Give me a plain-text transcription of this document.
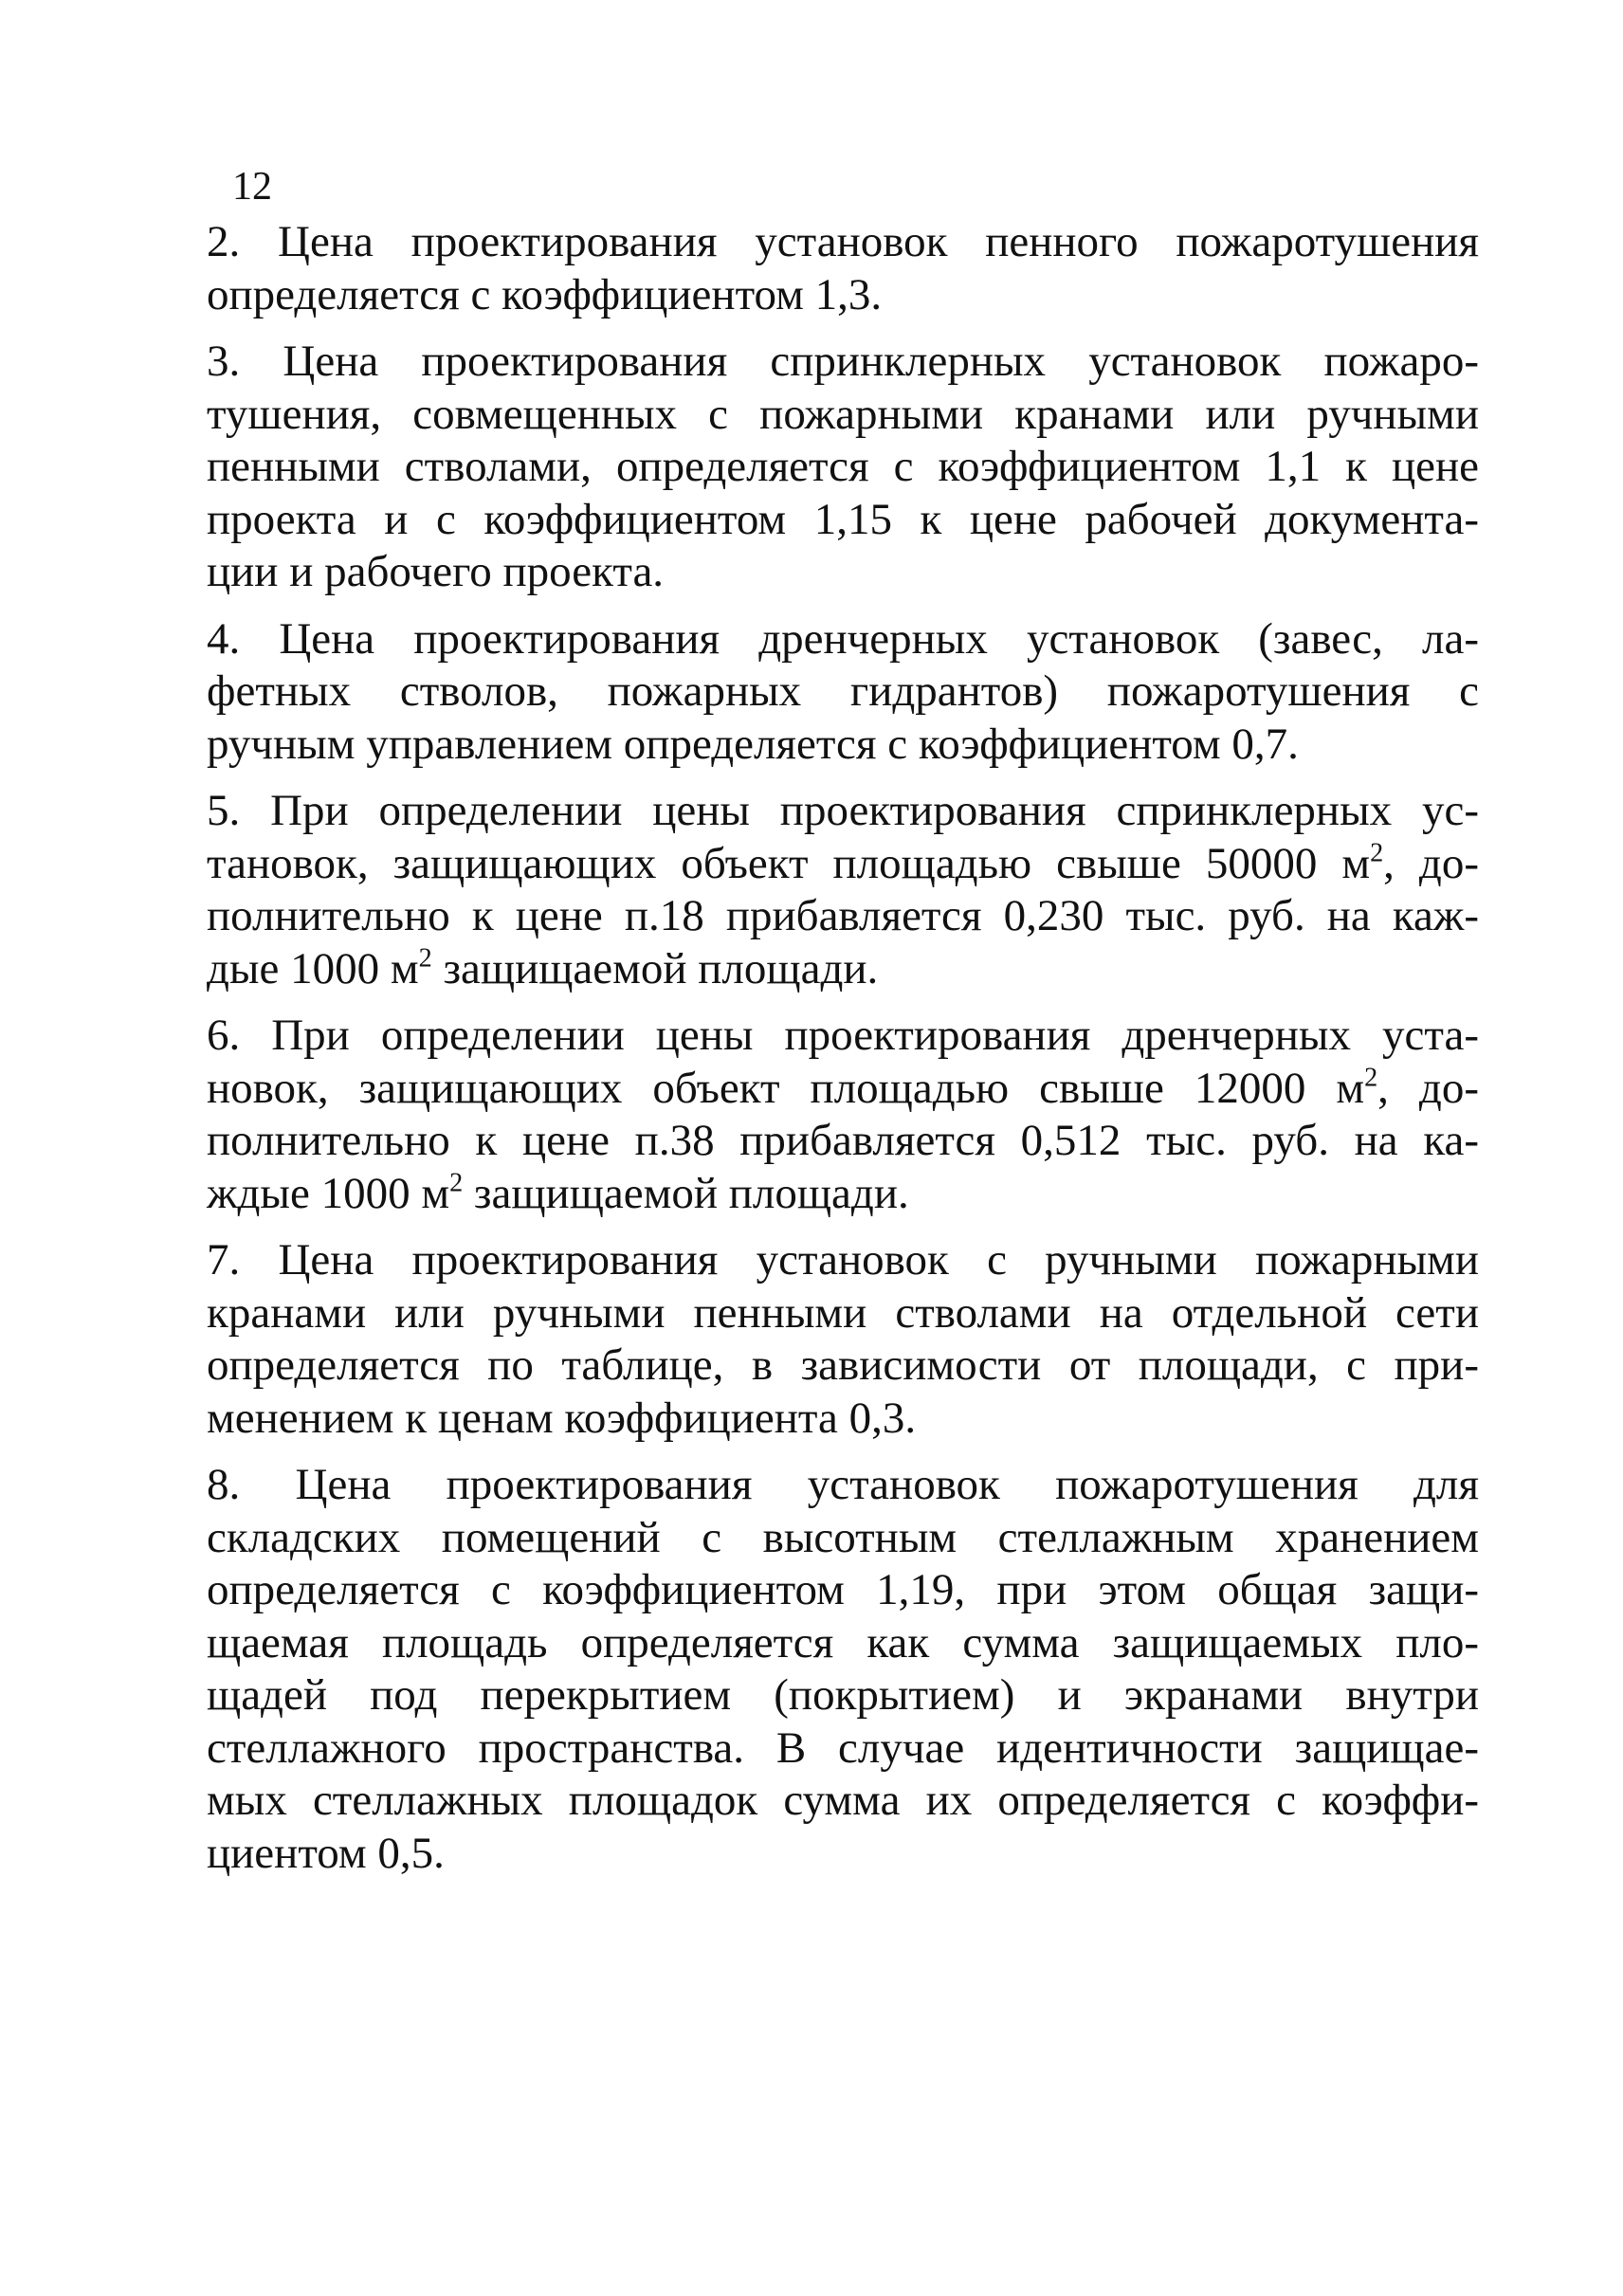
12
2. Цена проектирования установок пенного пожаротушения
определяется с коэффициентом 1,3.
3. Цена проектирования спринклерных установок пожаро-
тушения, совмещенных с пожарными кранами или ручными
пенными стволами, определяется с коэффициентом 1,1 к цене
проекта и с коэффициентом 1,15 к цене рабочей документа-
ции и рабочего проекта.
4. Цена проектирования дренчерных установок (завес, ла-
фетных стволов, пожарных гидрантов) пожаротушения с
ручным управлением определяется с коэффициентом 0,7.
5. При определении цены проектирования спринклерных ус-
тановок, защищающих объект площадью свыше 50000 $м^2$, до-
полнительно к цене п.18 прибавляется 0,230 тыс. руб. на каж-
дые 1000 $м^2$ защищаемой площади.
6. При определении цены проектирования дренчерных уста-
новок, защищающих объект площадью свыше 12000 $м^2$, до-
полнительно к цене п.38 прибавляется 0,512 тыс. руб. на ка-
ждые 1000 $м^2$ защищаемой площади.
7. Цена проектирования установок с ручными пожарными
кранами или ручными пенными стволами на отдельной сети
определяется по таблице, в зависимости от площади, с при-
менением к ценам коэффициента 0,3.
8. Цена проектирования установок пожаротушения для
складских помещений с высотным стеллажным хранением
определяется с коэффициентом 1,19, при этом общая защи-
щаемая площадь определяется как сумма защищаемых пло-
щадей под перекрытием (покрытием) и экранами внутри
стеллажного пространства. В случае идентичности защищае-
мых стеллажных площадок сумма их определяется с коэффи-
циентом 0,5.
